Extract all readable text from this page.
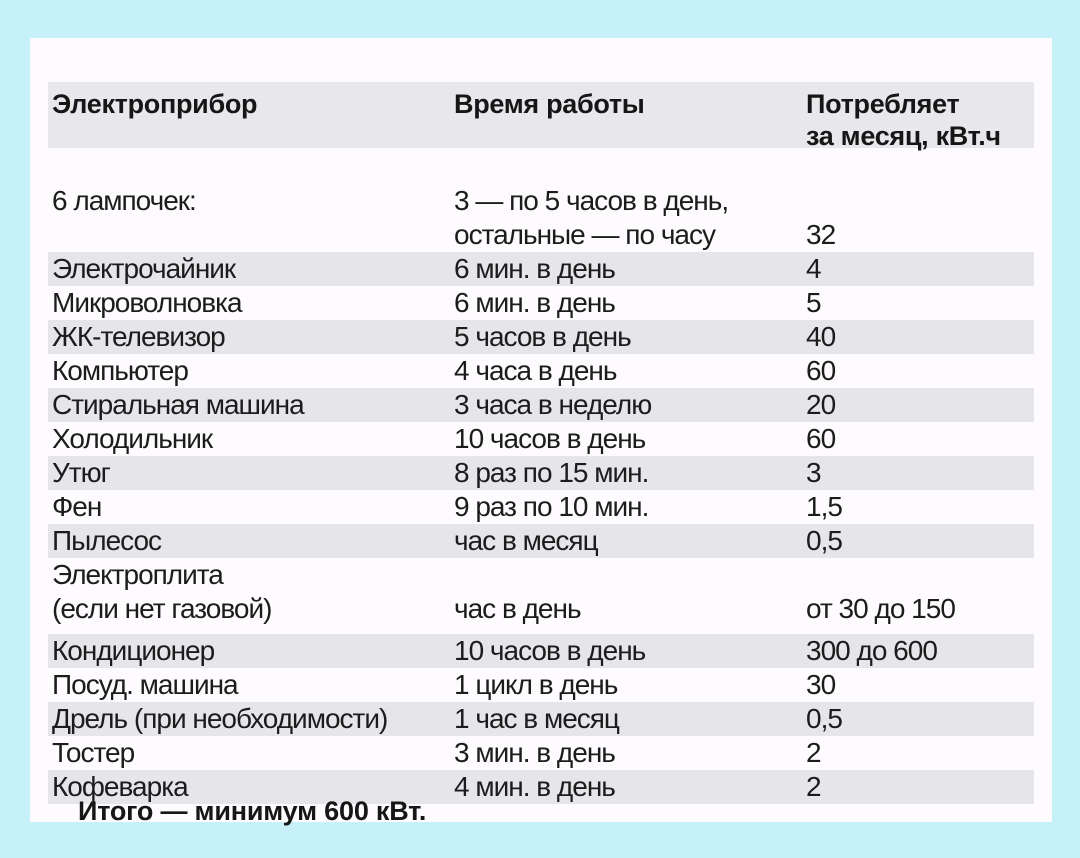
Электроприбор	Время работы	Потребляет
за месяц, кВт.ч
6 лампочек:	3 — по 5 часов в день,
остальные — по часу	32
Электрочайник	6 мин. в день	4
Микроволновка	6 мин. в день	5
ЖК-телевизор	5 часов в день	40
Компьютер	4 часа в день	60
Стиральная машина	3 часа в неделю	20
Холодильник	10 часов в день	60
Утюг	8 раз по 15 мин.	3
Фен	9 раз по 10 мин.	1,5
Пылесос	час в месяц	0,5
Электроплита
(если нет газовой)	час в день	от 30 до 150
Кондиционер	10 часов в день	300 до 600
Посуд. машина	1 цикл в день	30
Дрель (при необходимости) 1 час в месяц	0,5
Тостер	3 мин. в день	2
Кофеварка	4 мин. в день	2
Итого — минимум 600 кВт.
